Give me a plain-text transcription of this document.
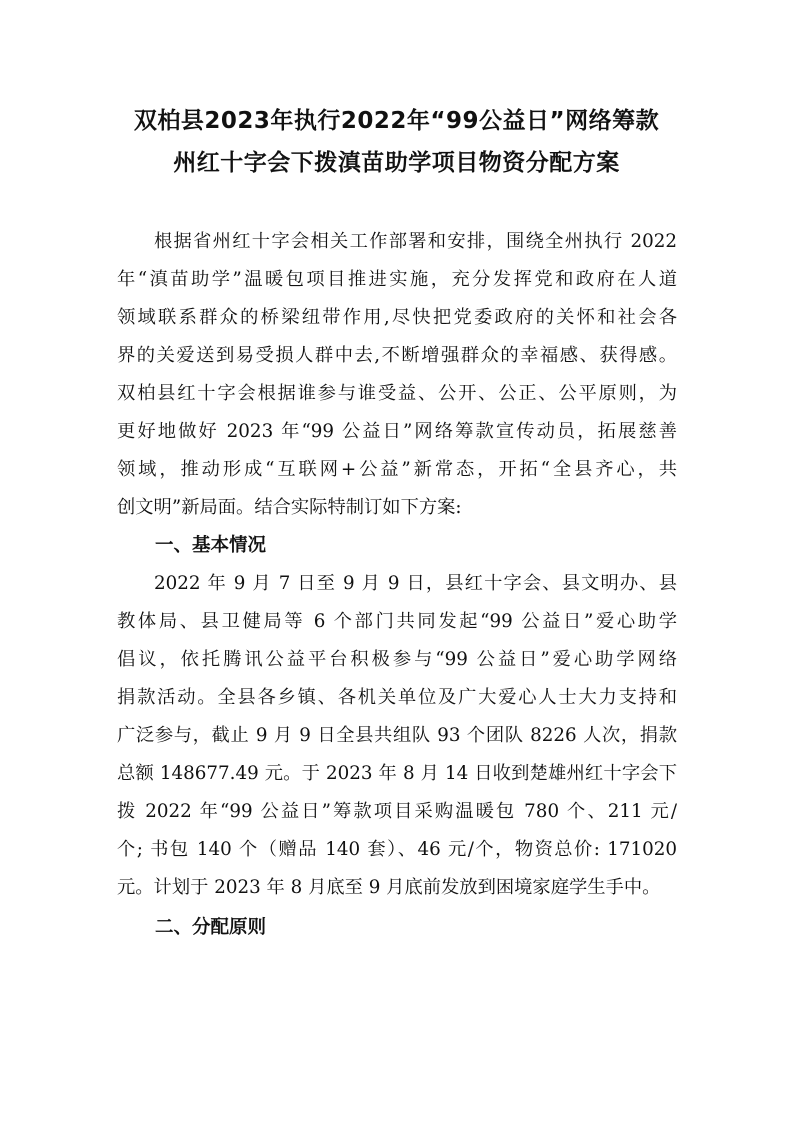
双柏县2023年执行2022年“99公益日”网络筹款
州红十字会下拨滇苗助学项目物资分配方案
根据省州红十字会相关工作部署和安排，围绕全州执行 2022
年“滇苗助学”温暖包项目推进实施，充分发挥党和政府在人道
领域联系群众的桥梁纽带作用,尽快把党委政府的关怀和社会各
界的关爱送到易受损人群中去,不断增强群众的幸福感、获得感。
双柏县红十字会根据谁参与谁受益、公开、公正、公平原则，为
更好地做好 2023 年“99 公益日”网络筹款宣传动员，拓展慈善
领域，推动形成“互联网+公益”新常态，开拓“全县齐心，共
创文明”新局面。结合实际特制订如下方案:
一、基本情况
2022 年 9 月 7 日至 9 月 9 日，县红十字会、县文明办、县
教体局、县卫健局等 6 个部门共同发起“99 公益日”爱心助学
倡议，依托腾讯公益平台积极参与“99 公益日”爱心助学网络
捐款活动。全县各乡镇、各机关单位及广大爱心人士大力支持和
广泛参与，截止 9 月 9 日全县共组队 93 个团队 8226 人次，捐款
总额 148677.49 元。于 2023 年 8 月 14 日收到楚雄州红十字会下
拨 2022 年“99 公益日”筹款项目采购温暖包 780 个、211 元/
个; 书包 140 个（赠品 140 套）、46 元/个，物资总价: 171020
元。计划于 2023 年 8 月底至 9 月底前发放到困境家庭学生手中。
二、分配原则
